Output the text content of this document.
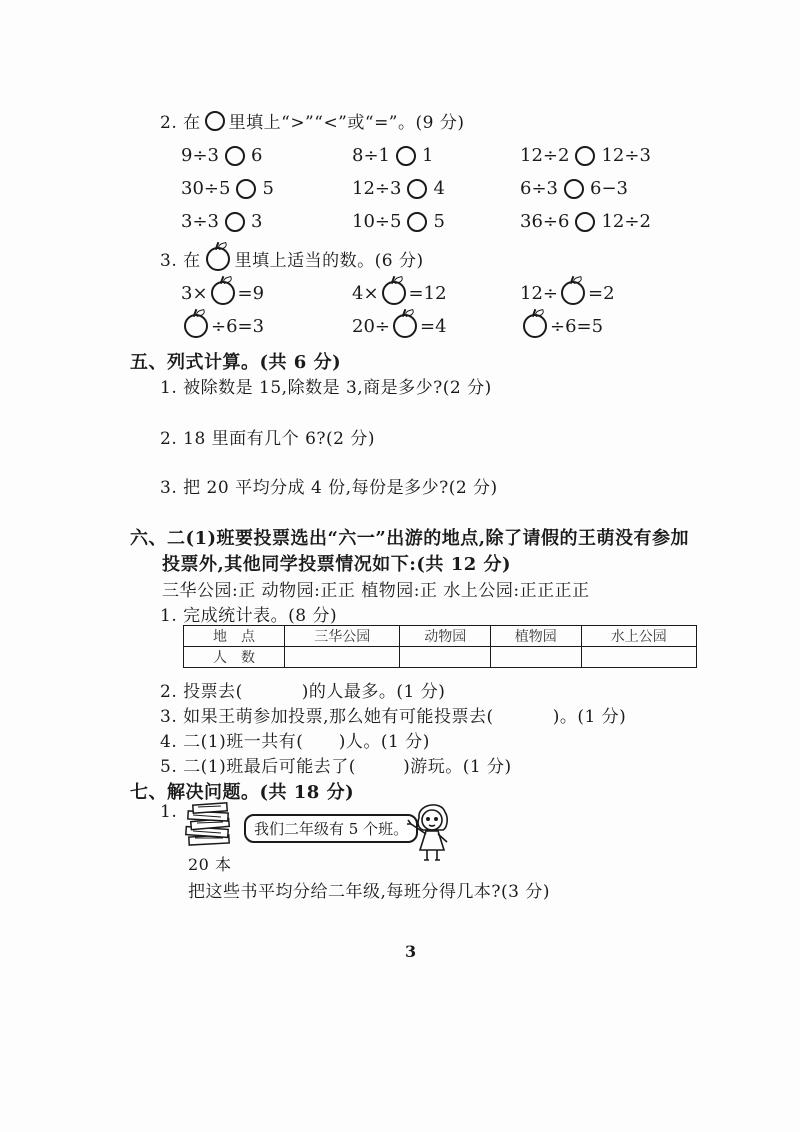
2. 在 里填上“>”“<”或“=”。(9 分)
9÷3 6	8÷1 1	12÷2 12÷3
30÷5 5	12÷3 4	6÷3 6−3
3÷3 3	10÷5 5	36÷6 12÷2
3. 在 里填上适当的数。(6 分)
3× =9	4× =12	12÷ =2
÷6=3	20÷ =4	÷6=5
五、列式计算。(共 6 分)
1. 被除数是 15,除数是 3,商是多少?(2 分)
2. 18 里面有几个 6?(2 分)
3. 把 20 平均分成 4 份,每份是多少?(2 分)
六、二(1)班要投票选出“六一”出游的地点,除了请假的王萌没有参加
投票外,其他同学投票情况如下:(共 12 分)
三华公园:正 动物园:正正 植物园:正 水上公园:正正正正
1. 完成统计表。(8 分)
地　点	三华公园	动物园	植物园	水上公园
人　数				
2. 投票去(          )的人最多。(1 分)
3. 如果王萌参加投票,那么她有可能投票去(          )。(1 分)
4. 二(1)班一共有(      )人。(1 分)
5. 二(1)班最后可能去了(        )游玩。(1 分)
七、解决问题。(共 18 分)
1.
20 本
我们二年级有 5 个班。
把这些书平均分给二年级,每班分得几本?(3 分)
3
